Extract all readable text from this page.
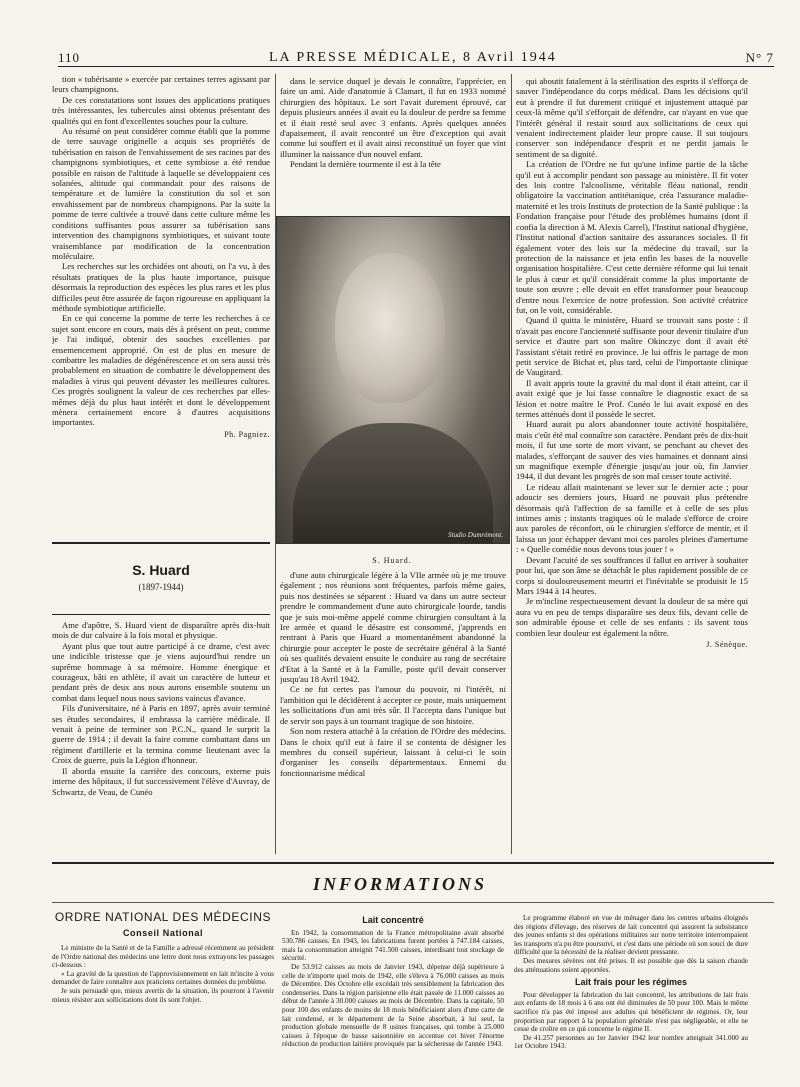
110	LA PRESSE MÉDICALE, 8 Avril 1944	N° 7

tion « tubérisante » exercée par certaines terres agissant par leurs champignons.

De ces constatations sont issues des applications pratiques très intéressantes, les tubercules ainsi obtenus présentant des qualités qui en font d'excellentes souches pour la culture.

Au résumé on peut considérer comme établi que la pomme de terre sauvage originelle a acquis ses propriétés de tubérisation en raison de l'envahissement de ses racines par des champignons symbiotiques, et cette symbiose a été rendue possible en raison de l'altitude à laquelle se développaient ces solanées, altitude qui commandait pour des raisons de température et de lumière la constitution du sol et son envahissement par de nombreux champignons. Par la suite la pomme de terre cultivée a trouvé dans cette culture même les conditions suffisantes pous assurer sa tubérisation sans intervention des champignons symbiotiques, et suivant toute vraisemblance par modification de la concentration moléculaire.

Les recherches sur les orchidées ont abouti, on l'a vu, à des résultats pratiques de la plus haute importance, puisque désormais la reproduction des espèces les plus rares et les plus difficiles peut être assurée de façon rigoureuse en appliquant la méthode symbiotique artificielle.

En ce qui concerne la pomme de terre les recherches à ce sujet sont encore en cours, mais dès à présent on peut, comme je l'ai indiqué, obtenir des souches excellentes par ensemencement approprié. On est de plus en mesure de combattre les maladies de dégénérescence et on sera aussi très probablement en situation de combattre le développement des maladies à virus qui peuvent dévaster les meilleures cultures. Ces progrès soulignent la valeur de ces recherches par elles-mêmes déjà du plus haut intérêt et dont le développement mènera certainement encore à d'autres acquisitions importantes.

Ph. Pagniez.

dans le service duquel je devais le connaître, l'apprécier, en faire un ami. Aide d'anatomie à Clamart, il fut en 1933 nommé chirurgien des hôpitaux. Le sort l'avait durement éprouvé, car depuis plusieurs années il avait eu la douleur de perdre sa femme et il était resté seul avec 3 enfants. Après quelques années d'apaisement, il avait rencontré un être d'exception qui avait comme lui souffert et il avait ainsi reconstitué un foyer que vint illuminer la naissance d'un nouvel enfant.

Pendant la dernière tourmente il est à la tête

Studio Dumrémont.
S. Huard.
S. Huard
(1897-1944)

Ame d'apôtre, S. Huard vient de disparaître après dix-huit mois de dur calvaire à la fois moral et physique.

Ayant plus que tout autre participé à ce drame, c'est avec une indicible tristesse que je viens aujourd'hui rendre un suprême hommage à sa mémoire. Homme énergique et courageux, bâti en athlète, il avait un caractère de lutteur et pendant près de deux ans nous aurons ensemble soutenu un combat dans lequel nous nous savions vaincus d'avance.

Fils d'universitaire, né à Paris en 1897, après avoir terminé ses études secondaires, il embrassa la carrière médicale. Il venait à peine de terminer son P.C.N., quand le surprit la guerre de 1914 ; il devait la faire comme combattant dans un régiment d'artillerie et la termina comme lieutenant avec la Croix de guerre, puis la Légion d'honneur.

Il aborda ensuite la carrière des concours, externe puis interne des hôpitaux, il fut successivement l'élève d'Auvray, de Schwartz, de Veau, de Cunéo

d'une auto chirurgicale légère à la VIIe armée où je me trouve également ; nos réunions sont fréquentes, parfois même gaies, puis nos destinées se séparent : Huard va dans un autre secteur prendre le commandement d'une auto chirurgicale lourde, tandis que je suis moi-même appelé comme chirurgien consultant à la Ire armée et quand le désastre est consommé, j'apprends en rentrant à Paris que Huard a momentanément abandonné la chirurgie pour accepter le poste de secrétaire général à la Santé où ses qualités devaient ensuite le conduire au rang de secrétaire d'Etat à la Santé et à la Famille, poste qu'il devait conserver jusqu'au 18 Avril 1942.

Ce ne fut certes pas l'amour du pouvoir, ni l'intérêt, ni l'ambition qui le décidèrent à accepter ce poste, mais uniquement les sollicitations d'un ami très sûr. Il l'accepta dans l'unique but de servir son pays à un tournant tragique de son histoire.

Son nom restera attaché à la création de l'Ordre des médecins. Dans le choix qu'il eut à faire il se contenta de désigner les membres du conseil supérieur, laissant à celui-ci le soin d'organiser les conseils départementaux. Ennemi du fonctionnarisme médical

qui aboutit fatalement à la stérilisation des esprits il s'efforça de sauver l'indépendance du corps médical. Dans les décisions qu'il eut à prendre il fut durement critiqué et injustement attaqué par ceux-là même qu'il s'efforçait de défendre, car n'ayant en vue que l'intérêt général il restait sourd aux sollicitations de ceux qui venaient indirectement plaider leur propre cause. Il sut toujours conserver son indépendance d'esprit et ne perdit jamais le sentiment de sa dignité.

La création de l'Ordre ne fut qu'une infime partie de la tâche qu'il eut à accomplir pendant son passage au ministère. Il fit voter des lois contre l'alcoolisme, véritable fléau national, rendit obligatoire la vaccination antitétanique, créa l'assurance maladie-maternité et les trois Instituts de protection de la Santé publique : la Fondation française pour l'étude des problèmes humains (dont il confia la direction à M. Alexis Carrel), l'Institut national d'hygiène, l'Institut national d'action sanitaire des assurances sociales. Il fit également voter des lois sur la médecine du travail, sur la protection de la naissance et jeta enfin les bases de la nouvelle organisation hospitalière. C'est cette dernière réforme qui lui tenait le plus à cœur et qu'il considérait comme la plus importante de toute son œuvre ; elle devait en effet transformer pour beaucoup d'entre nous l'exercice de notre profession. Son activité créatrice fut, on le voit, considérable.

Quand il quitta le ministère, Huard se trouvait sans poste : il n'avait pas encore l'ancienneté suffisante pour devenir titulaire d'un service et d'autre part son maître Okinczyc dont il avait été l'assistant s'était retiré en province. Je lui offris le partage de mon petit service de Bichat et, plus tard, celui de l'importante clinique de Vaugirard.

Il avait appris toute la gravité du mal dont il était atteint, car il avait exigé que je lui fasse connaître le diagnostic exact de sa lésion et notre maître le Prof. Cunéo le lui avait exposé en des termes atténués dont il possède le secret.

Huard aurait pu alors abandonner toute activité hospitalière, mais c'eût été mal connaître son caractère. Pendant près de dix-huit mois, il fut une sorte de mort vivant, se penchant au chevet des malades, s'efforçant de sauver des vies humaines et donnant ainsi un magnifique exemple d'énergie jusqu'au jour où, fin Janvier 1944, il dut devant les progrès de son mal cesser toute activité.

Le rideau allait maintenant se lever sur le dernier acte ; pour adoucir ses derniers jours, Huard ne pouvait plus prétendre désormais qu'à l'affection de sa famille et à celle de ses plus intimes amis ; instants tragiques où le malade s'efforce de croire aux paroles de réconfort, où le chirurgien s'efforce de mentir, et il laissa un jour échapper devant moi ces paroles pleines d'amertume : « Quelle comédie nous devons tous jouer ! »

Devant l'acuité de ses souffrances il fallut en arriver à souhaiter pour lui, que son âme se détachât le plus rapidement possible de ce corps si douloureusement meurtri et l'inévitable se produisit le 15 Mars 1944 à 14 heures.

Je m'incline respectueusement devant la douleur de sa mère qui aura vu en peu de temps disparaître ses deux fils, devant celle de son admirable épouse et celle de ses enfants : ils savent tous combien leur douleur est également la nôtre.

J. Sénèque.
INFORMATIONS
ORDRE NATIONAL DES MÉDECINS
Conseil National

Le ministre de la Santé et de la Famille a adressé récemment au président de l'Ordre national des médecins une lettre dont nous extrayons les passages ci-dessous :

« La gravité de la question de l'approvisionnement en lait m'incite à vous demander de faire connaître aux praticiens certaines données du problème.

Je suis persuadé que, mieux avertis de la situation, ils pourront à l'avenir mieux résister aux sollicitations dont ils sont l'objet.

Lait concentré

En 1942, la consommation de la France métropolitaine avait absorbé 530.786 caisses. En 1943, les fabrications furent portées à 747.184 caisses, mais la consommation atteignit 741.500 caisses, interdisant tout stockage de sécurité.

De 53.912 caisses au mois de Janvier 1943, dépense déjà supérieure à celle de n'importe quel mois de 1942, elle s'éleva à 76.000 caisses au mois de Décembre. Dès Octobre elle excédait très sensiblement la fabrication des condenseries. Dans la région parisienne elle était passée de 11.000 caisses au début de l'année à 30.000 caisses au mois de Décembre. Dans la capitale, 50 pour 100 des enfants de moins de 18 mois bénéficiaient alors d'une carte de lait condensé, et le département de la Seine absorbait, à lui seul, la production globale mensuelle de 8 usines françaises, qui tombe à 25.000 caisses à l'époque de basse saisonnière en accentue cet hiver l'énorme réduction de production laitière provoquée par la sécheresse de l'année 1943.

Le programme élaboré en vue de ménager dans les centres urbains éloignés des régions d'élevage, des réserves de lait concentré qui assurent la subsistance des jeunes enfants si des opérations militaires sur notre territoire interrompaient les transports n'a pu être poursuivi, et c'est dans une période où son souci de dure difficulté que la nécessité de la réaliser devient pressante.

Des mesures sévères ont été prises. Il est possible que dès la saison chaude des atténuations soient apportées.

Lait frais pour les régimes

Pour développer la fabrication du lait concentré, les attributions de lait frais aux enfants de 18 mois à 6 ans ont été diminuées de 50 pour 100. Mais le même sacrifice n'a pas été imposé aux adultes qui bénéficient de régimes. Or, leur proportion par rapport à la population générale n'est pas négligeable, et elle ne cesse de croître en ce qui concerne le régime II.

De 41.257 personnes au 1er Janvier 1942 leur nombre atteignait 341.000 au 1er Octobre 1943.
